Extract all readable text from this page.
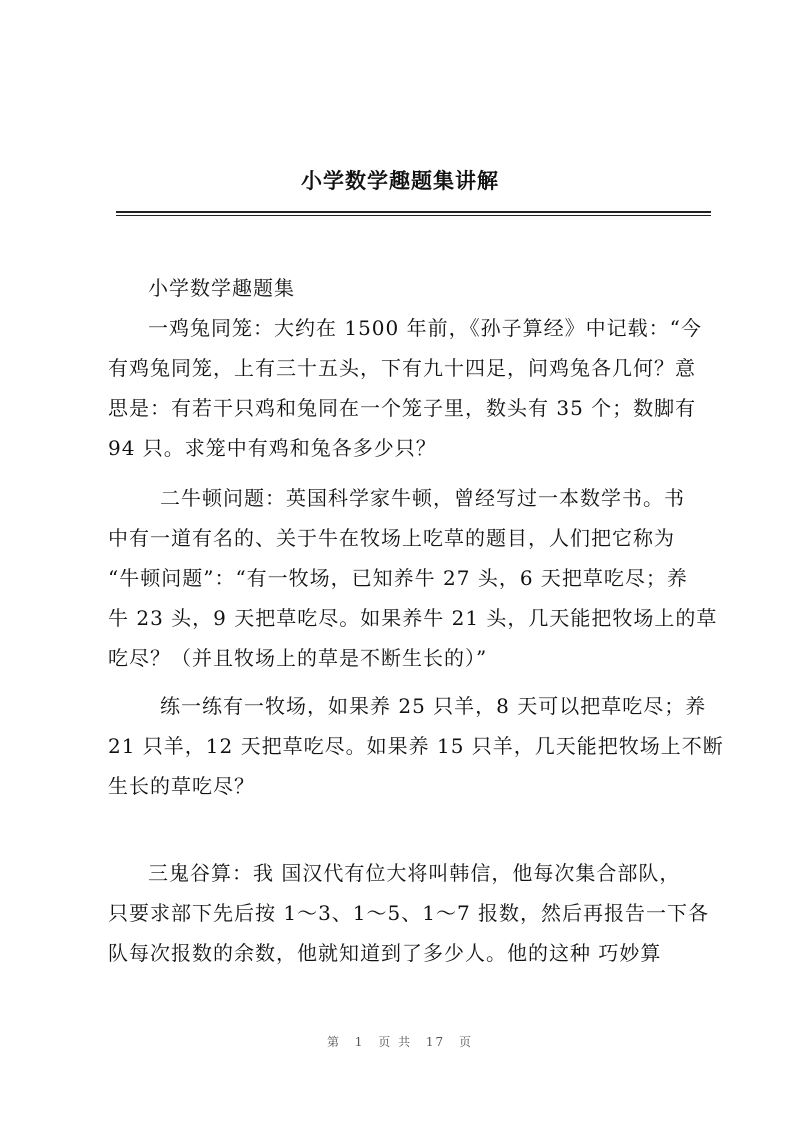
小学数学趣题集讲解
小学数学趣题集
一鸡兔同笼：大约在 1500 年前，《孙子算经》中记载：“今
有鸡兔同笼，上有三十五头，下有九十四足，问鸡兔各几何？意
思是：有若干只鸡和兔同在一个笼子里，数头有 35 个；数脚有
94 只。求笼中有鸡和兔各多少只？
二牛顿问题：英国科学家牛顿，曾经写过一本数学书。书
中有一道有名的、关于牛在牧场上吃草的题目，人们把它称为
“牛顿问题”：“有一牧场，已知养牛 27 头，6 天把草吃尽；养
牛 23 头，9 天把草吃尽。如果养牛 21 头，几天能把牧场上的草
吃尽？（并且牧场上的草是不断生长的）”
练一练有一牧场，如果养 25 只羊，8 天可以把草吃尽；养
21 只羊，12 天把草吃尽。如果养 15 只羊，几天能把牧场上不断
生长的草吃尽？
三鬼谷算：我 国汉代有位大将叫韩信，他每次集合部队，
只要求部下先后按 1～3、1～5、1～7 报数，然后再报告一下各
队每次报数的余数，他就知道到了多少人。他的这种 巧妙算
第 1 页 共 17 页
